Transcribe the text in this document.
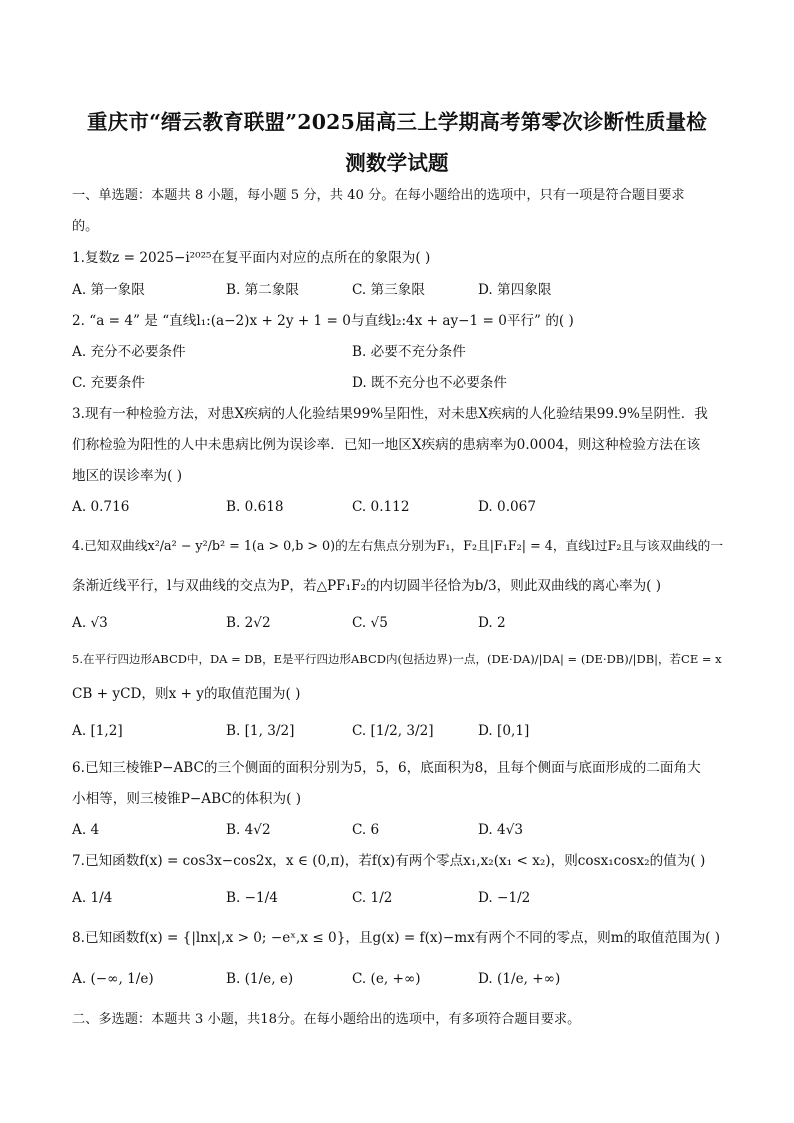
重庆市“缙云教育联盟”2025届高三上学期高考第零次诊断性质量检
测数学试题
一、单选题：本题共 8 小题，每小题 5 分，共 40 分。在每小题给出的选项中，只有一项是符合题目要求
的。
1.复数z = 2025−i²⁰²⁵在复平面内对应的点所在的象限为( )
A. 第一象限	B. 第二象限	C. 第三象限	D. 第四象限
2. “a = 4” 是 “直线l₁:(a−2)x + 2y + 1 = 0与直线l₂:4x + ay−1 = 0平行” 的( )
A. 充分不必要条件	B. 必要不充分条件
C. 充要条件	D. 既不充分也不必要条件
3.现有一种检验方法，对患X疾病的人化验结果99%呈阳性，对未患X疾病的人化验结果99.9%呈阴性．我
们称检验为阳性的人中未患病比例为误诊率．已知一地区X疾病的患病率为0.0004，则这种检验方法在该
地区的误诊率为( )
A. 0.716	B. 0.618	C. 0.112	D. 0.067
4.已知双曲线x²/a² − y²/b² = 1(a > 0,b > 0)的左右焦点分别为F₁，F₂且|F₁F₂| = 4，直线l过F₂且与该双曲线的一
条渐近线平行，l与双曲线的交点为P，若△PF₁F₂的内切圆半径恰为b/3，则此双曲线的离心率为( )
A. √3	B. 2√2	C. √5	D. 2
5.在平行四边形ABCD中，DA = DB，E是平行四边形ABCD内(包括边界)一点，(DE·DA)/|DA| = (DE·DB)/|DB|，若CE = x
CB + yCD，则x + y的取值范围为( )
A. [1,2]	B. [1, 3/2]	C. [1/2, 3/2]	D. [0,1]
6.已知三棱锥P−ABC的三个侧面的面积分别为5，5，6，底面积为8，且每个侧面与底面形成的二面角大
小相等，则三棱锥P−ABC的体积为( )
A. 4	B. 4√2	C. 6	D. 4√3
7.已知函数f(x) = cos3x−cos2x，x ∈ (0,π)，若f(x)有两个零点x₁,x₂(x₁ < x₂)，则cosx₁cosx₂的值为( )
A. 1/4	B. −1/4	C. 1/2	D. −1/2
8.已知函数f(x) = {|lnx|,x > 0; −eˣ,x ≤ 0}，且g(x) = f(x)−mx有两个不同的零点，则m的取值范围为( )
A. (−∞, 1/e)	B. (1/e, e)	C. (e, +∞)	D. (1/e, +∞)
二、多选题：本题共 3 小题，共18分。在每小题给出的选项中，有多项符合题目要求。
